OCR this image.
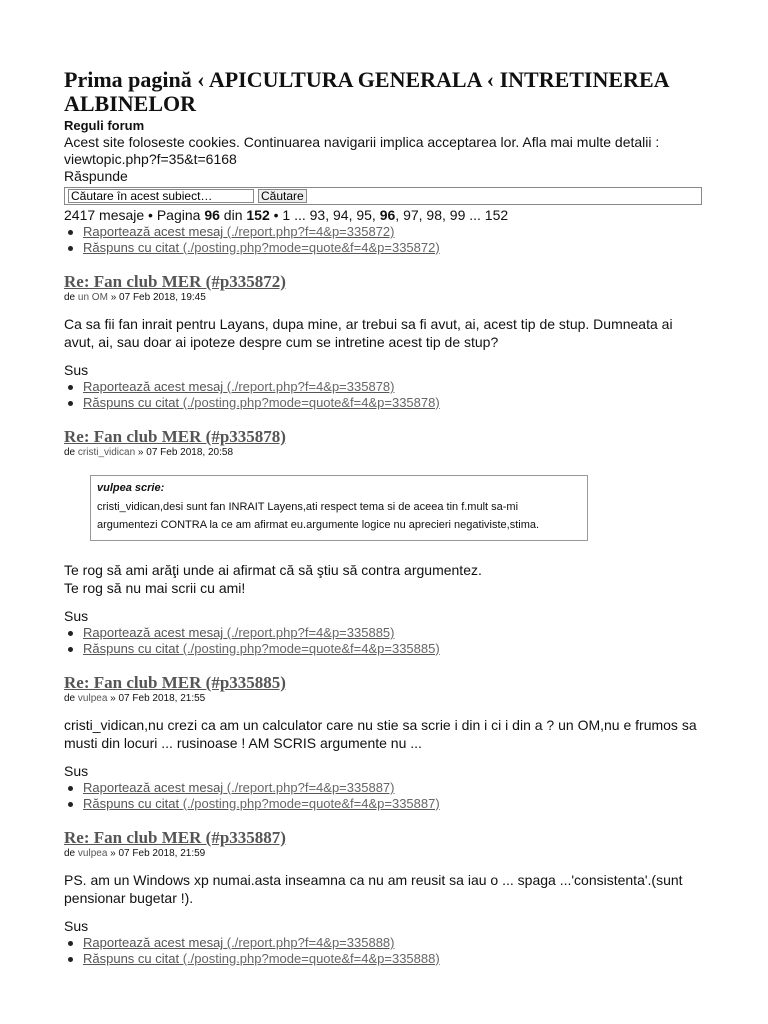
Prima pagină ‹ APICULTURA GENERALA ‹ INTRETINEREA ALBINELOR
Reguli forum
Acest site foloseste cookies. Continuarea navigarii implica acceptarea lor. Afla mai multe detalii : viewtopic.php?f=35&t=6168
Răspunde
Căutare în acest subiect…
Căutare
2417 mesaje • Pagina 96 din 152 • 1 ... 93, 94, 95, 96, 97, 98, 99 ... 152
Raportează acest mesaj (./report.php?f=4&p=335872)
Răspuns cu citat (./posting.php?mode=quote&f=4&p=335872)
Re: Fan club MER (#p335872)
de un OM » 07 Feb 2018, 19:45
Ca sa fii fan inrait pentru Layans, dupa mine, ar trebui sa fi avut, ai, acest tip de stup. Dumneata ai avut, ai, sau doar ai ipoteze despre cum se intretine acest tip de stup?
Sus
Raportează acest mesaj (./report.php?f=4&p=335878)
Răspuns cu citat (./posting.php?mode=quote&f=4&p=335878)
Re: Fan club MER (#p335878)
de cristi_vidican » 07 Feb 2018, 20:58
vulpea scrie:
cristi_vidican,desi sunt fan INRAIT Layens,ati respect tema si de aceea tin f.mult sa-mi argumentezi CONTRA la ce am afirmat eu.argumente logice nu aprecieri negativiste,stima.
Te rog să ami arăţi unde ai afirmat că să ştiu să contra argumentez.
Te rog să nu mai scrii cu ami!
Sus
Raportează acest mesaj (./report.php?f=4&p=335885)
Răspuns cu citat (./posting.php?mode=quote&f=4&p=335885)
Re: Fan club MER (#p335885)
de vulpea » 07 Feb 2018, 21:55
cristi_vidican,nu crezi ca am un calculator care nu stie sa scrie i din i ci i din a ? un OM,nu e frumos sa musti din locuri ... rusinoase ! AM SCRIS argumente nu ...
Sus
Raportează acest mesaj (./report.php?f=4&p=335887)
Răspuns cu citat (./posting.php?mode=quote&f=4&p=335887)
Re: Fan club MER (#p335887)
de vulpea » 07 Feb 2018, 21:59
PS. am un Windows xp numai.asta inseamna ca nu am reusit sa iau o ... spaga ...'consistenta'.(sunt pensionar bugetar !).
Sus
Raportează acest mesaj (./report.php?f=4&p=335888)
Răspuns cu citat (./posting.php?mode=quote&f=4&p=335888)
